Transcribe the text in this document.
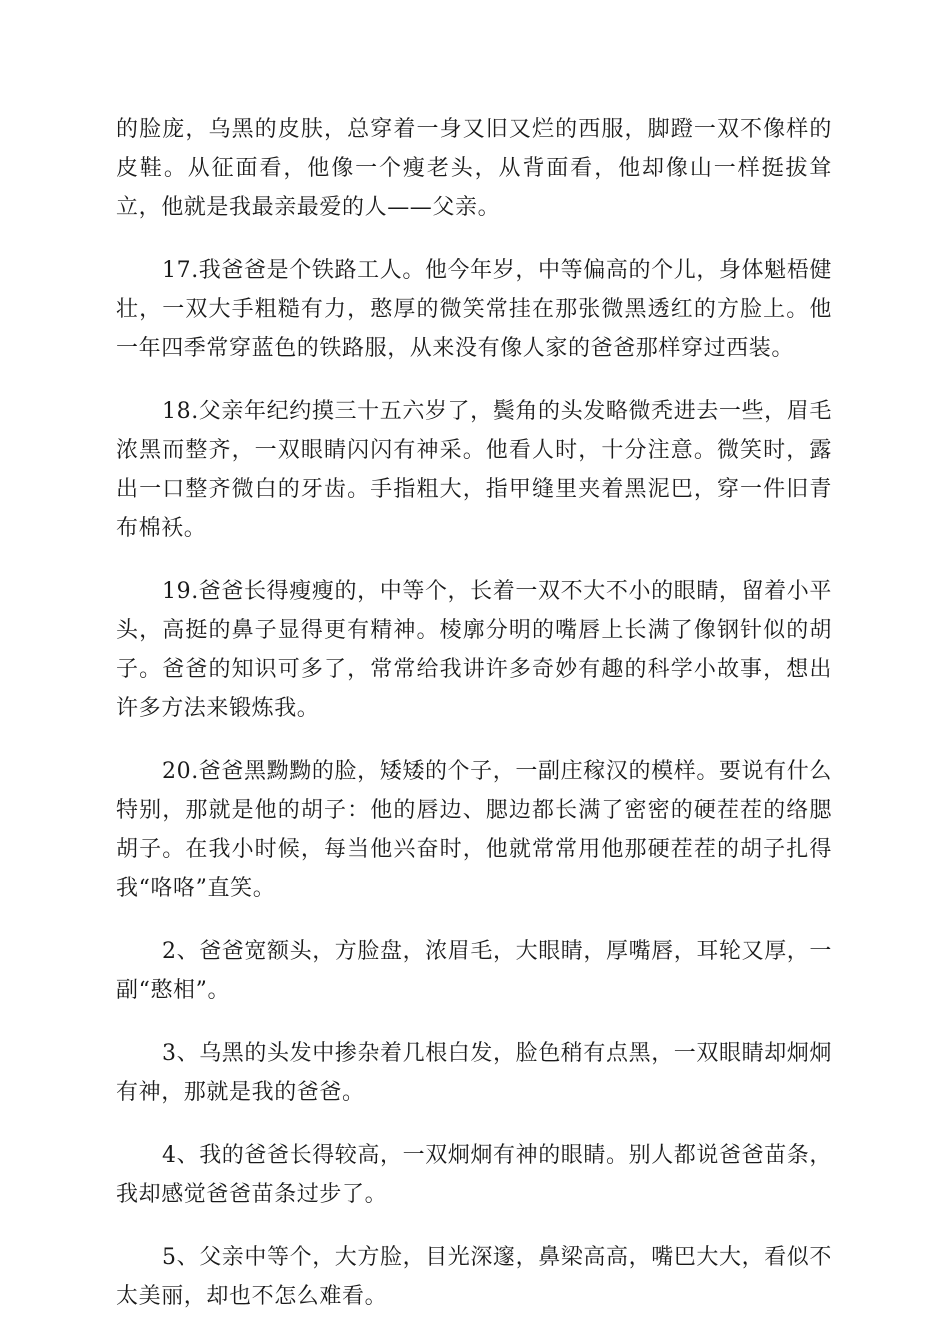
的脸庞，乌黑的皮肤，总穿着一身又旧又烂的西服，脚蹬一双不像样的皮鞋。从征面看，他像一个瘦老头，从背面看，他却像山一样挺拔耸立，他就是我最亲最爱的人——父亲。

17.我爸爸是个铁路工人。他今年岁，中等偏高的个儿，身体魁梧健壮，一双大手粗糙有力，憨厚的微笑常挂在那张微黑透红的方脸上。他一年四季常穿蓝色的铁路服，从来没有像人家的爸爸那样穿过西装。

18.父亲年纪约摸三十五六岁了，鬓角的头发略微秃进去一些，眉毛浓黑而整齐，一双眼睛闪闪有神采。他看人时，十分注意。微笑时，露出一口整齐微白的牙齿。手指粗大，指甲缝里夹着黑泥巴，穿一件旧青布棉袄。

19.爸爸长得瘦瘦的，中等个，长着一双不大不小的眼睛，留着小平头，高挺的鼻子显得更有精神。棱廓分明的嘴唇上长满了像钢针似的胡子。爸爸的知识可多了，常常给我讲许多奇妙有趣的科学小故事，想出许多方法来锻炼我。

20.爸爸黑黝黝的脸，矮矮的个子，一副庄稼汉的模样。要说有什么特别，那就是他的胡子：他的唇边、腮边都长满了密密的硬茬茬的络腮胡子。在我小时候，每当他兴奋时，他就常常用他那硬茬茬的胡子扎得我“咯咯”直笑。

2、爸爸宽额头，方脸盘，浓眉毛，大眼睛，厚嘴唇，耳轮又厚，一副“憨相”。

3、乌黑的头发中掺杂着几根白发，脸色稍有点黑，一双眼睛却炯炯有神，那就是我的爸爸。

4、我的爸爸长得较高，一双炯炯有神的眼睛。别人都说爸爸苗条，我却感觉爸爸苗条过步了。

5、父亲中等个，大方脸，目光深邃，鼻梁高高，嘴巴大大，看似不太美丽，却也不怎么难看。
